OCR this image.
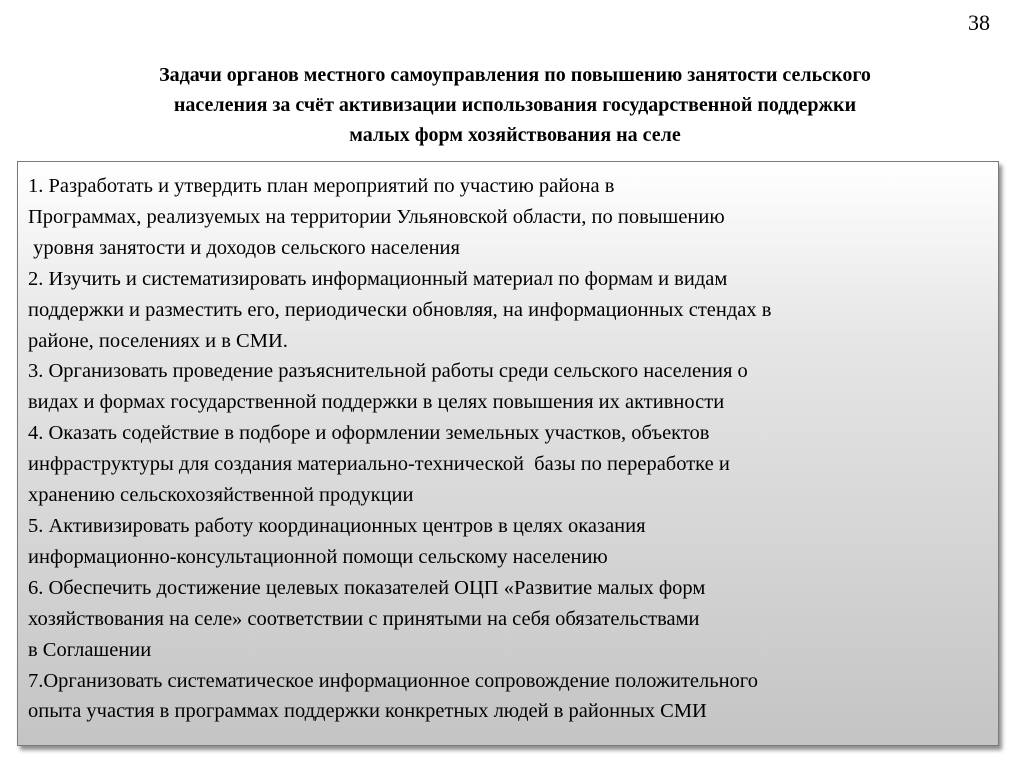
38
Задачи органов местного самоуправления по повышению занятости сельского
населения за счёт активизации использования государственной поддержки
малых форм хозяйствования на селе
1. Разработать и утвердить план мероприятий по участию района в
Программах, реализуемых на территории Ульяновской области, по повышению
уровня занятости и доходов сельского населения
2. Изучить и систематизировать информационный материал по формам и видам
поддержки и разместить его, периодически обновляя, на информационных стендах в
районе, поселениях и в СМИ.
3. Организовать проведение разъяснительной работы среди сельского населения о
видах и формах государственной поддержки в целях повышения их активности
4. Оказать содействие в подборе и оформлении земельных участков, объектов
инфраструктуры для создания материально-технической  базы по переработке и
хранению сельскохозяйственной продукции
5. Активизировать работу координационных центров в целях оказания
информационно-консультационной помощи сельскому населению
6. Обеспечить достижение целевых показателей ОЦП «Развитие малых форм
хозяйствования на селе» соответствии с принятыми на себя обязательствами
в Соглашении
7.Организовать систематическое информационное сопровождение положительного
опыта участия в программах поддержки конкретных людей в районных СМИ
